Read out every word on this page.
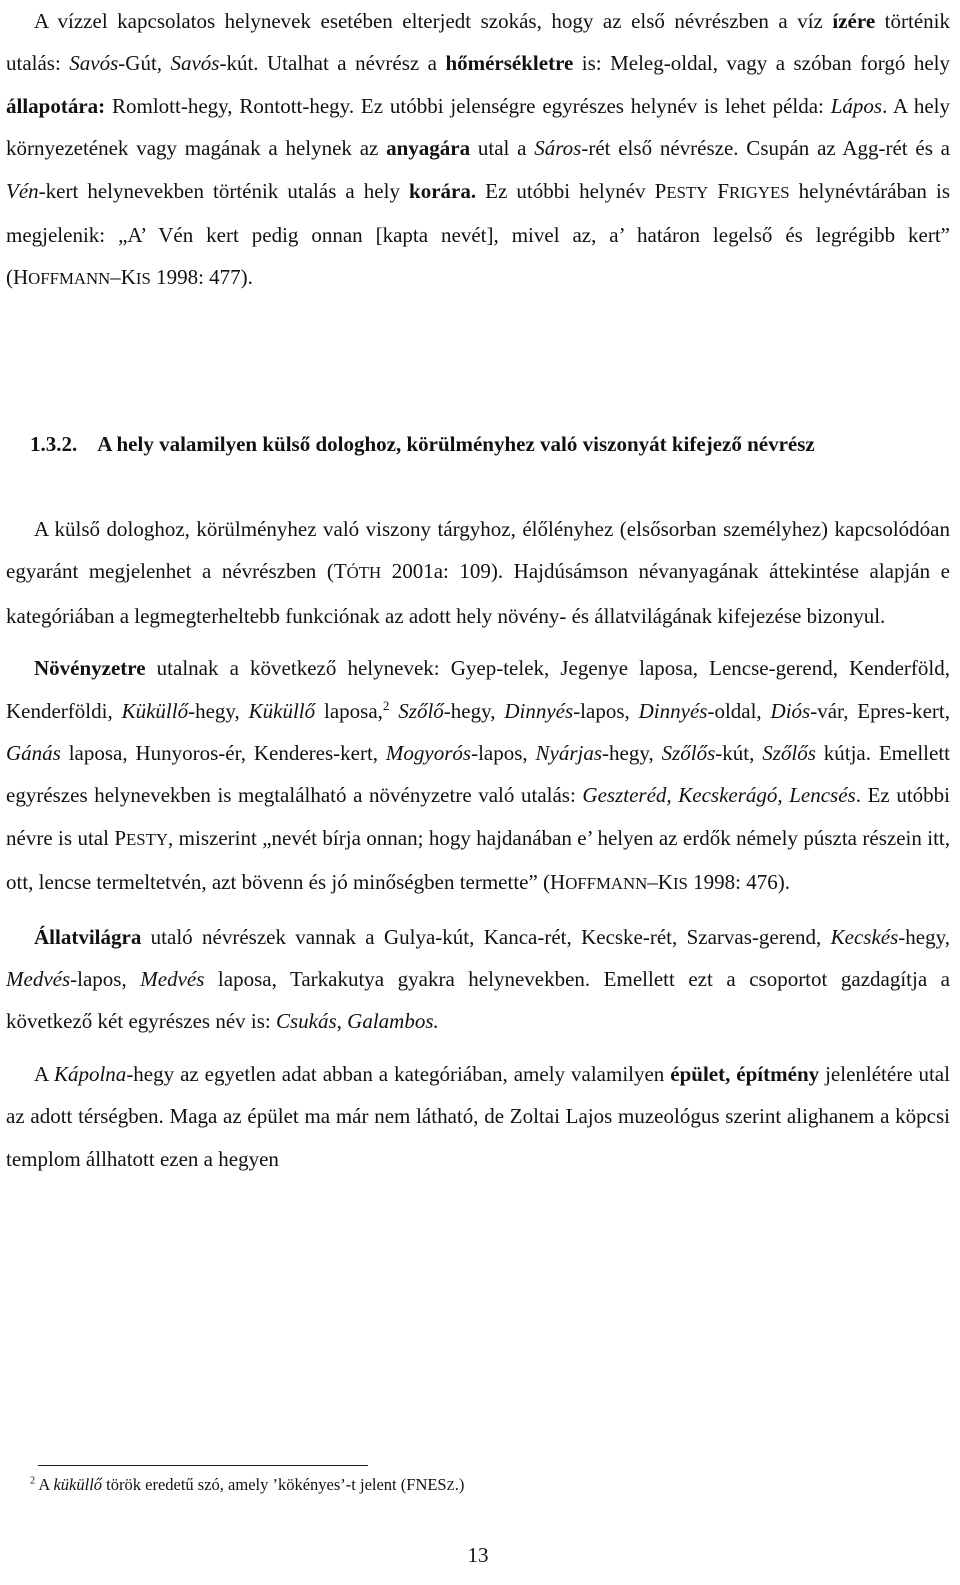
A vízzel kapcsolatos helynevek esetében elterjedt szokás, hogy az első névrészben a víz ízére történik utalás: Savós-Gút, Savós-kút. Utalhat a névrész a hőmérsékletre is: Meleg-oldal, vagy a szóban forgó hely állapotára: Romlott-hegy, Rontott-hegy. Ez utóbbi jelenségre egyrészes helynév is lehet példa: Lápos. A hely környezetének vagy magának a helynek az anyagára utal a Sáros-rét első névrésze. Csupán az Agg-rét és a Vén-kert helynevekben történik utalás a hely korára. Ez utóbbi helynév PESTY FRIGYES helynévtárában is megjelenik: „A’ Vén kert pedig onnan [kapta nevét], mivel az, a’ határon legelső és legrégibb kert” (HOFFMANN–KIS 1998: 477).

1.3.2. A hely valamilyen külső dologhoz, körülményhez való viszonyát kifejező névrész

A külső dologhoz, körülményhez való viszony tárgyhoz, élőlényhez (elsősorban személyhez) kapcsolódóan egyaránt megjelenhet a névrészben (TÓTH 2001a: 109). Hajdúsámson névanyagának áttekintése alapján e kategóriában a legmegterheltebb funkciónak az adott hely növény- és állatvilágának kifejezése bizonyul.

Növényzetre utalnak a következő helynevek: Gyep-telek, Jegenye laposa, Lencse-gerend, Kenderföld, Kenderföldi, Küküllő-hegy, Küküllő laposa,$^2$ Szőlő-hegy, Dinnyés-lapos, Dinnyés-oldal, Diós-vár, Epres-kert, Gánás laposa, Hunyoros-ér, Kenderes-kert, Mogyorós-lapos, Nyárjas-hegy, Szőlős-kút, Szőlős kútja. Emellett egyrészes helynevekben is megtalálható a növényzetre való utalás: Geszteréd, Kecskerágó, Lencsés. Ez utóbbi névre is utal PESTY, miszerint „nevét bírja onnan; hogy hajdanában e’ helyen az erdők némely púszta részein itt, ott, lencse termeltetvén, azt bövenn és jó minőségben termette” (HOFFMANN–KIS 1998: 476).

Állatvilágra utaló névrészek vannak a Gulya-kút, Kanca-rét, Kecske-rét, Szarvas-gerend, Kecskés-hegy, Medvés-lapos, Medvés laposa, Tarkakutya gyakra helynevekben. Emellett ezt a csoportot gazdagítja a következő két egyrészes név is: Csukás, Galambos.

A Kápolna-hegy az egyetlen adat abban a kategóriában, amely valamilyen épület, építmény jelenlétére utal az adott térségben. Maga az épület ma már nem látható, de Zoltai Lajos muzeológus szerint alighanem a köpcsi templom állhatott ezen a hegyen

$^2$ A küküllő török eredetű szó, amely ’kökényes’-t jelent (FNESZ.)
13
